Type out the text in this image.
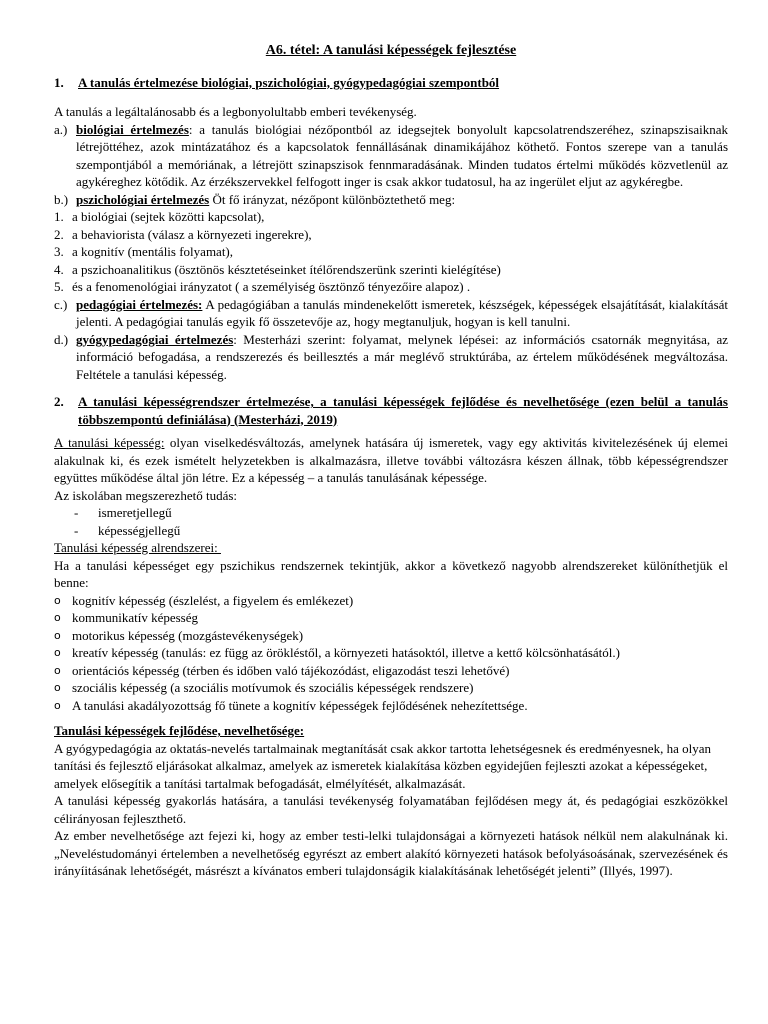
A6. tétel: A tanulási képességek fejlesztése
1.	A tanulás értelmezése biológiai, pszichológiai, gyógypedagógiai szempontból

A tanulás a legáltalánosabb és a legbonyolultabb emberi tevékenység.

a.) biológiai értelmezés: a tanulás biológiai nézőpontból az idegsejtek bonyolult kapcsolatrendszeréhez, szinapszisaiknak létrejöttéhez, azok mintázatához és a kapcsolatok fennállásának dinamikájához köthető. Fontos szerepe van a tanulás szempontjából a memóriának, a létrejött szinapszisok fennmaradásának. Minden tudatos értelmi működés közvetlenül az agykéreghez kötődik. Az érzékszervekkel felfogott inger is csak akkor tudatosul, ha az ingerület eljut az agykéregbe.
b.) pszichológiai értelmezés Öt fő irányzat, nézőpont különböztethető meg:
1. a biológiai (sejtek közötti kapcsolat),
2. a behaviorista (válasz a környezeti ingerekre),
3. a kognitív (mentális folyamat),
4. a pszichoanalitikus (ösztönös késztetéseinket ítélőrendszerünk szerinti kielégítése)
5. és a fenomenológiai irányzatot ( a személyiség ösztönző tényezőire alapoz) .
c.) pedagógiai értelmezés: A pedagógiában a tanulás mindenekelőtt ismeretek, készségek, képességek elsajátítását, kialakítását jelenti. A pedagógiai tanulás egyik fő összetevője az, hogy megtanuljuk, hogyan is kell tanulni.
d.) gyógypedagógiai értelmezés: Mesterházi szerint: folyamat, melynek lépései: az információs csatornák megnyitása, az információ befogadása, a rendszerezés és beillesztés a már meglévő struktúrába, az értelem működésének megváltozása. Feltétele a tanulási képesség.
2.	A tanulási képességrendszer értelmezése, a tanulási képességek fejlődése és nevelhetősége (ezen belül a tanulás többszempontú definiálása) (Mesterházi, 2019)

A tanulási képesség: olyan viselkedésváltozás, amelynek hatására új ismeretek, vagy egy aktivitás kivitelezésének új elemei alakulnak ki, és ezek ismételt helyzetekben is alkalmazásra, illetve további változásra készen állnak, több képességrendszer együttes működése által jön létre. Ez a képesség – a tanulás tanulásának képessége.

Az iskolában megszerezhető tudás:

-	ismeretjellegű
-	képességjellegű

Tanulási képesség alrendszerei:

Ha a tanulási képességet egy pszichikus rendszernek tekintjük, akkor a következő nagyobb alrendszereket különíthetjük el benne:

o kognitív képesség (észlelést, a figyelem és emlékezet)
o kommunikatív képesség
o motorikus képesség (mozgástevékenységek)
o kreatív képesség (tanulás: ez függ az örökléstől, a környezeti hatásoktól, illetve a kettő kölcsönhatásától.)
o orientációs képesség (térben és időben való tájékozódást, eligazodást teszi lehetővé)
o szociális képesség (a szociális motívumok és szociális képességek rendszere)
o A tanulási akadályozottság fő tünete a kognitív képességek fejlődésének nehezítettsége.
Tanulási képességek fejlődése, nevelhetősége:

A gyógypedagógia az oktatás-nevelés tartalmainak megtanítását csak akkor tartotta lehetségesnek és eredményesnek, ha olyan tanítási és fejlesztő eljárásokat alkalmaz, amelyek az ismeretek kialakítása közben egyidejűen fejleszti azokat a képességeket, amelyek elősegítik a tanítási tartalmak befogadását, elmélyítését, alkalmazását.

A tanulási képesség gyakorlás hatására, a tanulási tevékenység folyamatában fejlődésen megy át, és pedagógiai eszközökkel célirányosan fejleszthető.

Az ember nevelhetősége azt fejezi ki, hogy az ember testi-lelki tulajdonságai a környezeti hatások nélkül nem alakulnának ki. „Neveléstudományi értelemben a nevelhetőség egyrészt az embert alakító környezeti hatások befolyásoásának, szervezésének és irányíitásának lehetőségét, másrészt a kívánatos emberi tulajdonságik kialakításának lehetőségét jelenti” (Illyés, 1997).
